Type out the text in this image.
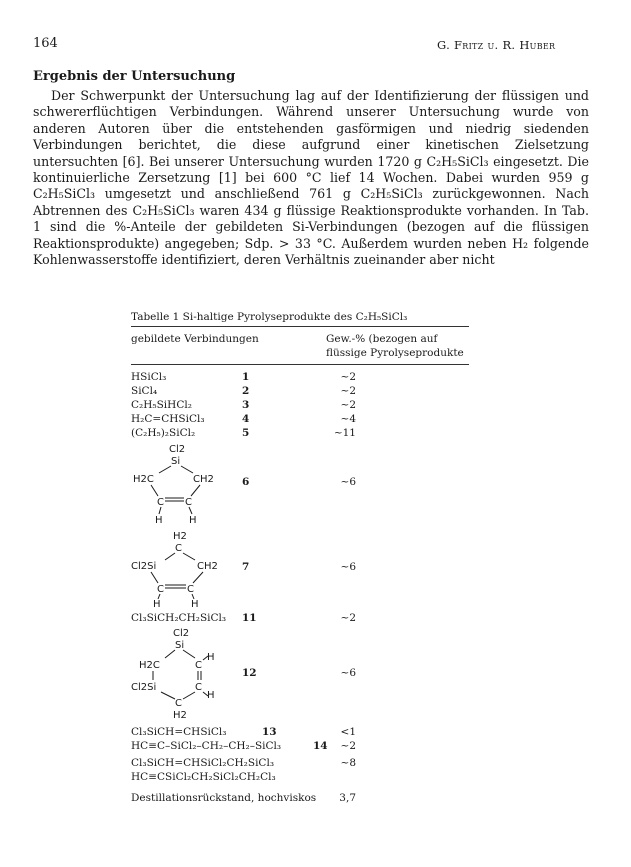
164	G. Fritz u. R. Huber
Ergebnis der Untersuchung

Der Schwerpunkt der Untersuchung lag auf der Identifizierung der flüssigen und schwererflüchtigen Verbindungen. Während unserer Untersuchung wurde von anderen Autoren über die entstehenden gasförmigen und niedrig siedenden Verbindungen berichtet, die diese aufgrund einer kinetischen Zielsetzung untersuchten [6]. Bei unserer Untersuchung wurden 1720 g C₂H₅SiCl₃ eingesetzt. Die kontinuierliche Zersetzung [1] bei 600 °C lief 14 Wochen. Dabei wurden 959 g C₂H₅SiCl₃ umgesetzt und anschließend 761 g C₂H₅SiCl₃ zurückgewonnen. Nach Abtrennen des C₂H₅SiCl₃ waren 434 g flüssige Reaktionsprodukte vorhanden. In Tab. 1 sind die %-Anteile der gebildeten Si-Verbindungen (bezogen auf die flüssigen Reaktionsprodukte) angegeben; Sdp. > 33 °C. Außerdem wurden neben H₂ folgende Kohlenwasserstoffe identifiziert, deren Verhältnis zueinander aber nicht

Tabelle 1 Si-haltige Pyrolyseprodukte des C₂H₅SiCl₃
gebildete Verbindungen	Gew.-% (bezogen auf
flüssige Pyrolyseprodukte
HSiCl₃	1	~2
SiCl₄	2	~2
C₂H₅SiHCl₂	3	~2
H₂C=CHSiCl₃	4	~4
(C₂H₅)₂SiCl₂	5	~11
Cl2
Si
H2C	CH2
C C
H	H
6	~6
H2
C
Cl2Si	CH2
C C
H	H
7	~6
Cl₃SiCH₂CH₂SiCl₃ 11	~2
Cl2
Si
H2C	C
H
Cl2Si	C
H
C
H2
12	~6
Cl₃SiCH=CHSiCl₃	13	<1
HC≡C–SiCl₂–CH₂–CH₂–SiCl₃	14	~2
Cl₃SiCH=CHSiCl₂CH₂SiCl₃	~8
HC≡CSiCl₂CH₂SiCl₂CH₂Cl₃
Destillationsrückstand, hochviskos	3,7
